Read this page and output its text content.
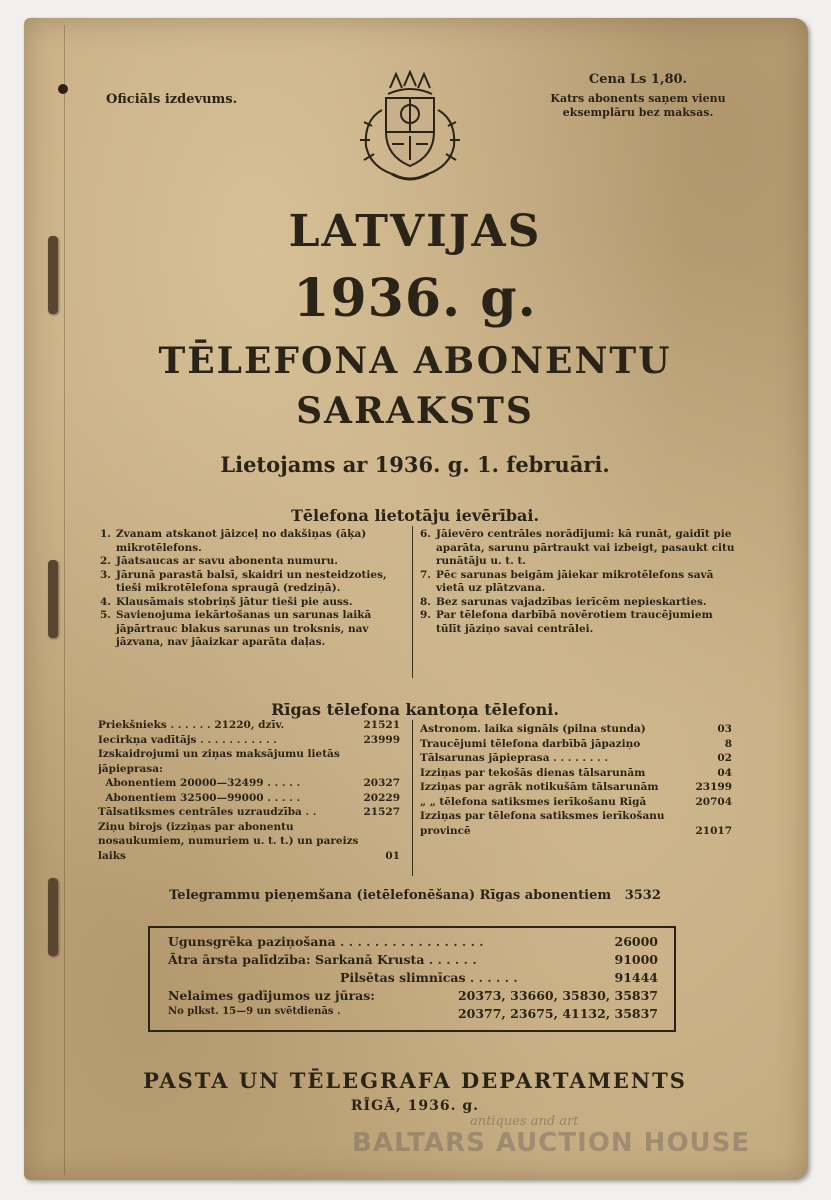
Oficiāls izdevums.
Cena Ls 1,80.
Katrs abonents saņem vienu eksemplāru bez maksas.
LATVIJAS
1936. g.
TĒLEFONA ABONENTU
SARAKSTS
Lietojams ar 1936. g. 1. februāri.
Tēlefona lietotāju ievērībai.
1. Zvanam atskanot jāizceļ no dakšiņas (āķa) mikrotēlefons.
2. Jāatsaucas ar savu abonenta numuru.
3. Jārunā parastā balsī, skaidri un nesteidzoties, tieši mikrotēlefona spraugā (redziņā).
4. Klausāmais stobriņš jātur tieši pie auss.
5. Savienojuma iekārtošanas un sarunas laikā jāpārtrauc blakus sarunas un troksnis, nav jāzvana, nav jāaizkar aparāta daļas.
6. Jāievēro centrāles norādījumi: kā runāt, gaidīt pie aparāta, sarunu pārtraukt vai izbeigt, pasaukt citu runātāju u. t. t.
7. Pēc sarunas beigām jāiekar mikrotēlefons savā vietā uz plātzvana.
8. Bez sarunas vajadzības ierīcēm nepieskarties.
9. Par tēlefona darbībā novērotiem traucējumiem tūlīt jāziņo savai centrālei.
Rīgas tēlefona kantoņa tēlefoni.
Priekšnieks . . . . . . 21220, dzīv.	21521
Iecirkņa vadītājs . . . . . . . . . . .	23999
Izskaidrojumi un ziņas maksājumu lietās jāpieprasa:
Abonentiem 20000—32499 . . . . .	20327
Abonentiem 32500—99000 . . . . .	20229
Tālsatiksmes centrāles uzraudzība . .	21527
Ziņu birojs (izziņas par abonentu nosaukumiem, numuriem u. t. t.) un pareizs laiks	01
Astronom. laika signāls (pilna stunda)	03
Traucējumi tēlefona darbībā jāpaziņo	8
Tālsarunas jāpieprasa . . . . . . . .	02
Izziņas par tekošās dienas tālsarunām	04
Izziņas par agrāk notikušām tālsarunām	23199
„ „ tēlefona satiksmes ierīkošanu Rīgā	20704
Izziņas par tēlefona satiksmes ierīkošanu provincē	21017
Telegrammu pieņemšana (ietēlefonēšana) Rīgas abonentiem 3532
Ugunsgrēka paziņošana . . . . . . . . . . . . . . . . .	26000
Ātra ārsta palīdzība: Sarkanā Krusta . . . . . .	91000
Pilsētas slimnīcas . . . . . .	91444
Nelaimes gadījumos uz jūras:	20373, 33660, 35830, 35837
No plkst. 15—9 un svētdienās .	20377, 23675, 41132, 35837
PASTA UN TĒLEGRAFA DEPARTAMENTS
RĪGĀ, 1936. g.
antiques and art
BALTARS AUCTION HOUSE
